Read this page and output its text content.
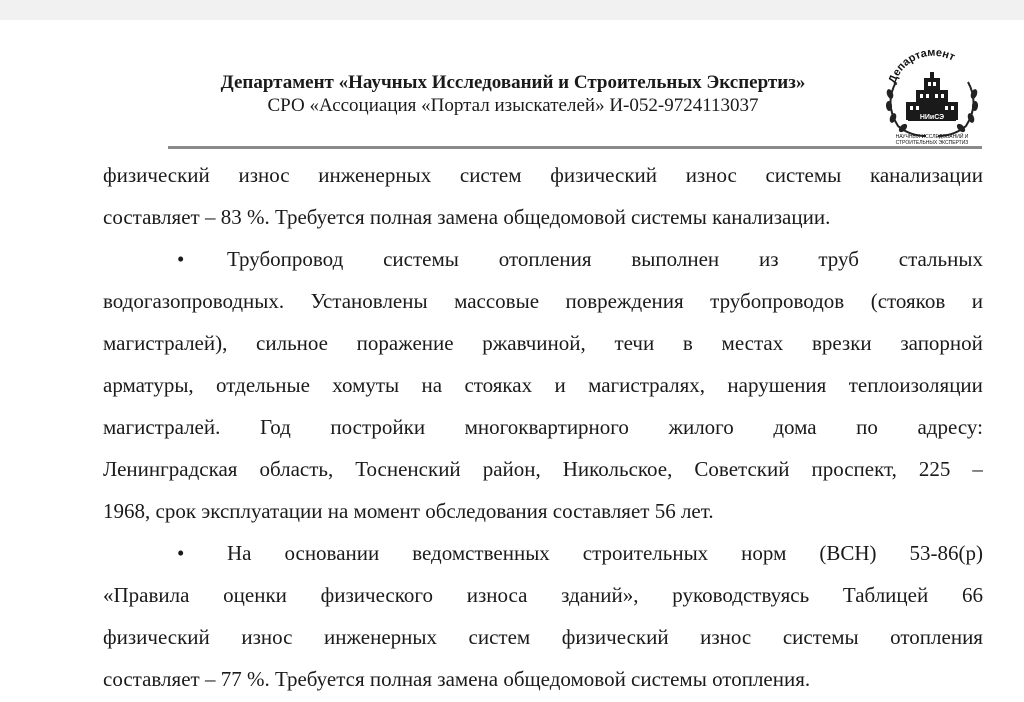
Департамент «Научных Исследований и Строительных Экспертиз»
СРО «Ассоциация «Портал изыскателей» И-052-9724113037
Департамент
НИиСЭ
НАУЧНЫХ ИССЛЕДОВАНИЙ И
СТРОИТЕЛЬНЫХ ЭКСПЕРТИЗ
физический износ инженерных систем физический износ системы канализации
составляет – 83 %. Требуется полная замена общедомовой системы канализации.
• Трубопровод системы отопления выполнен из труб стальных
водогазопроводных. Установлены массовые повреждения трубопроводов (стояков и
магистралей), сильное поражение ржавчиной, течи в местах врезки запорной
арматуры, отдельные хомуты на стояках и магистралях, нарушения теплоизоляции
магистралей. Год постройки многоквартирного жилого дома по адресу:
Ленинградская область, Тосненский район, Никольское, Советский проспект, 225 –
1968, срок эксплуатации на момент обследования составляет 56 лет.
• На основании ведомственных строительных норм (ВСН) 53-86(р)
«Правила оценки физического износа зданий», руководствуясь Таблицей 66
физический износ инженерных систем физический износ системы отопления
составляет – 77 %. Требуется полная замена общедомовой системы отопления.
